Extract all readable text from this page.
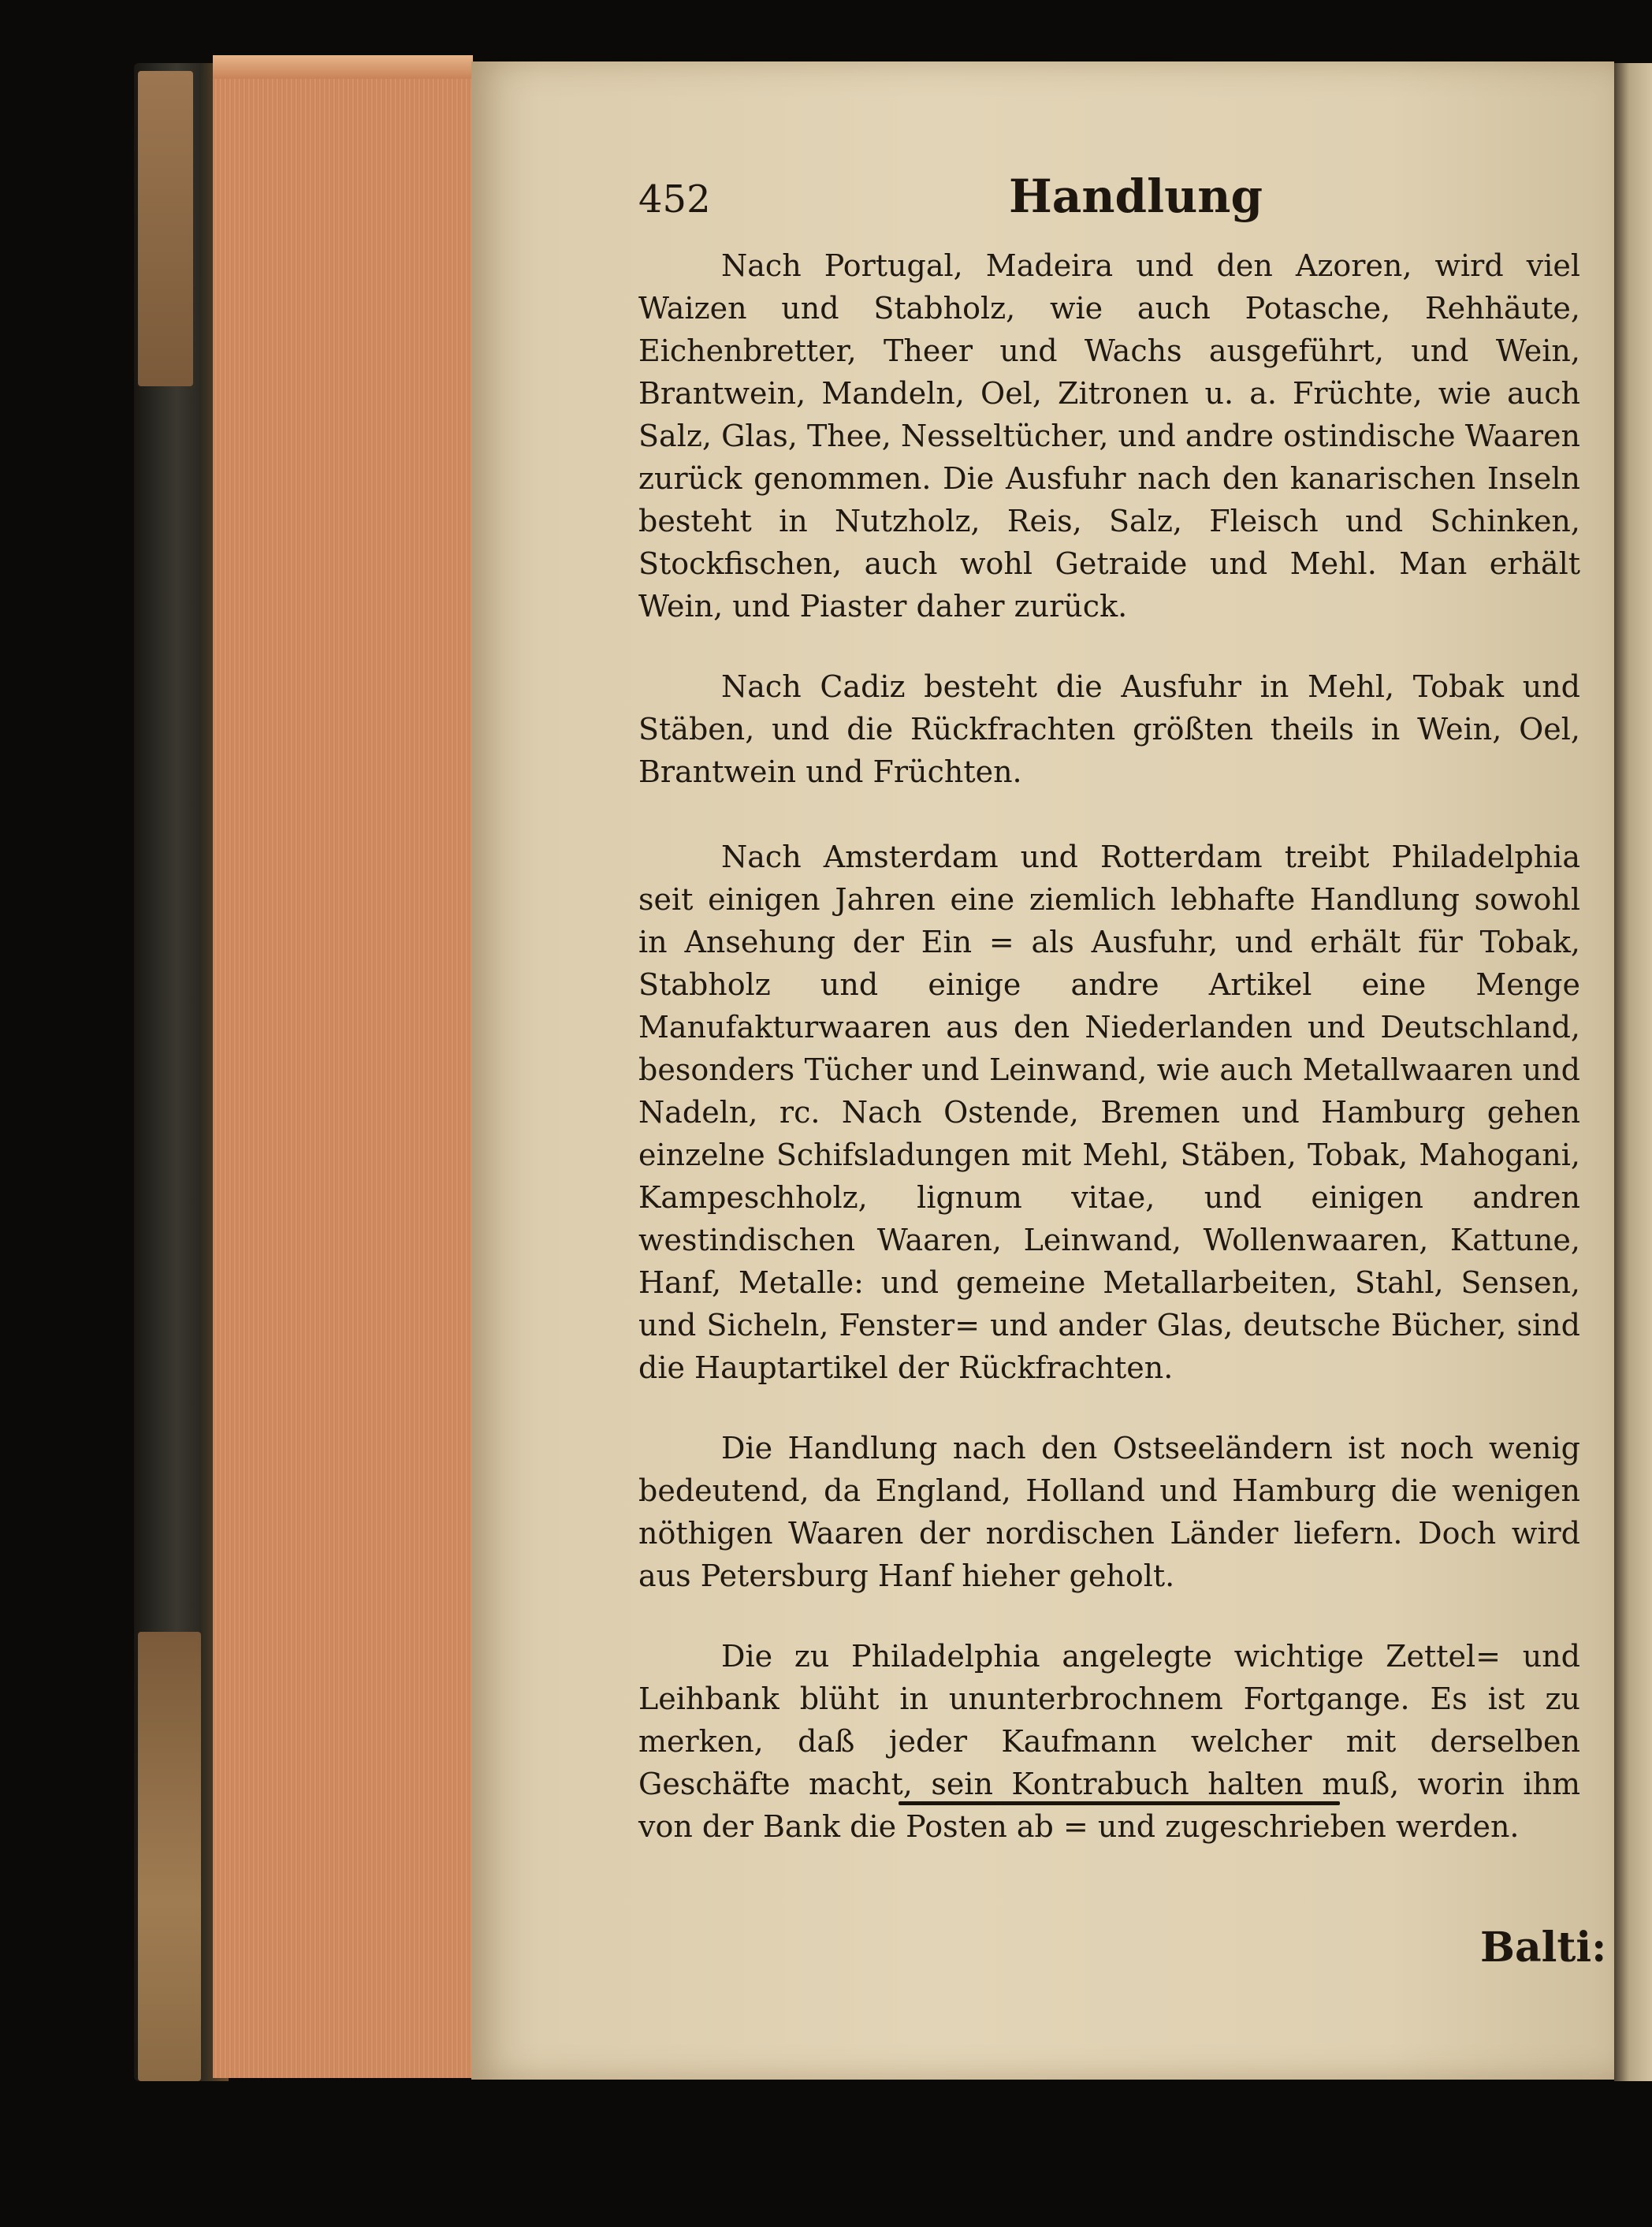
452	Handlung

Nach Portugal, Madeira und den Azoren, wird viel Waizen und Stabholz, wie auch Potasche, Rehhäute, Eichenbretter, Theer und Wachs ausgeführt, und Wein, Brantwein, Mandeln, Oel, Zitronen u. a. Früchte, wie auch Salz, Glas, Thee, Nesseltücher, und andre ostindische Waaren zurück genommen. Die Ausfuhr nach den kanarischen Inseln besteht in Nutzholz, Reis, Salz, Fleisch und Schinken, Stockfischen, auch wohl Getraide und Mehl. Man erhält Wein, und Piaster daher zurück.

Nach Cadiz besteht die Ausfuhr in Mehl, Tobak und Stäben, und die Rückfrachten größten theils in Wein, Oel, Brantwein und Früchten.

Nach Amsterdam und Rotterdam treibt Philadelphia seit einigen Jahren eine ziemlich lebhafte Handlung sowohl in Ansehung der Ein = als Ausfuhr, und erhält für Tobak, Stabholz und einige andre Artikel eine Menge Manufakturwaaren aus den Niederlanden und Deutschland, besonders Tücher und Leinwand, wie auch Metallwaaren und Nadeln, rc. Nach Ostende, Bremen und Hamburg gehen einzelne Schifsladungen mit Mehl, Stäben, Tobak, Mahogani, Kampeschholz, lignum vitae, und einigen andren westindischen Waaren, Leinwand, Wollenwaaren, Kattune, Hanf, Metalle: und gemeine Metallarbeiten, Stahl, Sensen, und Sicheln, Fenster= und ander Glas, deutsche Bücher, sind die Hauptartikel der Rückfrachten.

Die Handlung nach den Ostseeländern ist noch wenig bedeutend, da England, Holland und Hamburg die wenigen nöthigen Waaren der nordischen Länder liefern. Doch wird aus Petersburg Hanf hieher geholt.

Die zu Philadelphia angelegte wichtige Zettel= und Leihbank blüht in ununterbrochnem Fortgange. Es ist zu merken, daß jeder Kaufmann welcher mit derselben Geschäfte macht, sein Kontrabuch halten muß, worin ihm von der Bank die Posten ab = und zugeschrieben werden.

Balti:
